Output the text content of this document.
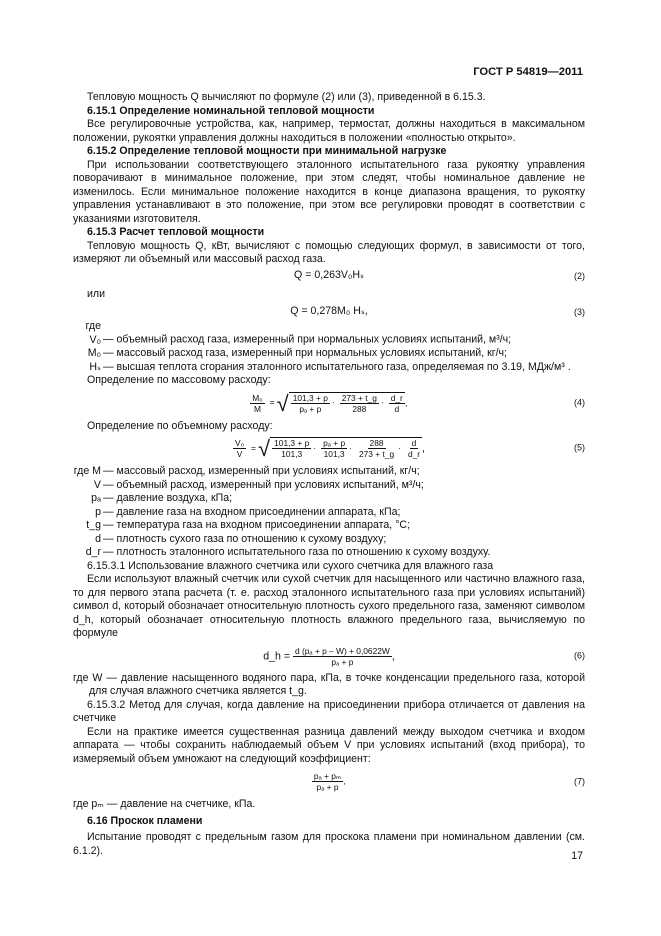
ГОСТ Р 54819—2011

Тепловую мощность Q вычисляют по формуле (2) или (3), приведенной в 6.15.3.

6.15.1 Определение номинальной тепловой мощности

Все регулировочные устройства, как, например, термостат, должны находиться в максимальном положении, рукоятки управления должны находиться в положении «полностью открыто».

6.15.2 Определение тепловой мощности при минимальной нагрузке

При использовании соответствующего эталонного испытательного газа рукоятку управления поворачивают в минимальное положение, при этом следят, чтобы номинальное давление не изменилось. Если минимальное положение находится в конце диапазона вращения, то рукоятку управления устанавливают в это положение, при этом все регулировки проводят в соответствии с указаниями изготовителя.

6.15.3 Расчет тепловой мощности

Тепловую мощность Q, кВт, вычисляют с помощью следующих формул, в зависимости от того, измеряют ли объемный или массовый расход газа.

Q = 0,263V₀Hₛ	(2)

или

Q = 0,278M₀ Hₛ,	(3)

где V₀ — объемный расход газа, измеренный при нормальных условиях испытаний, м³/ч;

M₀ — массовый расход газа, измеренный при нормальных условиях испытаний, кг/ч;

Hₛ — высшая теплота сгорания эталонного испытательного газа, определяемая по 3.19, МДж/м³ .

Определение по массовому расходу:

$\frac{\text{M₀}}{M}$ =√ $\frac{101,3 + p}{\text{pₐ + p}} \cdot \frac{273 + t\_g}{288} \cdot \frac{d\_r}{d}$ .	(4)

Определение по объемному расходу:

$\frac{\text{V₀}}{V}$ =√ $\frac{101,3 + p}{101,3} \cdot \frac{\text{pₐ + p}}{101,3} \cdot \frac{288}{273 + t\_g} \cdot \frac{d}{d\_r}$ ,	(5)

где M — массовый расход, измеренный при условиях испытаний, кг/ч;

V — объемный расход, измеренный при условиях испытаний, м³/ч;

pₐ — давление воздуха, кПа;

p — давление газа на входном присоединении аппарата, кПа;

t_g — температура газа на входном присоединении аппарата, °С;

d — плотность сухого газа по отношению к сухому воздуху;

d_r — плотность эталонного испытательного газа по отношению к сухому воздуху.

6.15.3.1 Использование влажного счетчика или сухого счетчика для влажного газа

Если используют влажный счетчик или сухой счетчик для насыщенного или частично влажного газа, то для первого этапа расчета (т. е. расход эталонного испытательного газа при условиях испытаний) символ d, который обозначает относительную плотность сухого предельного газа, заменяют символом d_h, который обозначает относительную плотность влажного предельного газа, вычисляемую по формуле

d_h = $\frac{\text{d (pₐ + p – W) + 0,0622W}}{\text{pₐ + p}}$ ,	(6)

где W — давление насыщенного водяного пара, кПа, в точке конденсации предельного газа, которой для случая влажного счетчика является t_g.

6.15.3.2 Метод для случая, когда давление на присоединении прибора отличается от давления на счетчике

Если на практике имеется существенная разница давлений между выходом счетчика и входом аппарата — чтобы сохранить наблюдаемый объем V при условиях испытаний (вход прибора), то измеряемый объем умножают на следующий коэффициент:

$\frac{\text{pₐ + pₘ}}{\text{pₐ + p}}$ .	(7)

где pₘ — давление на счетчике, кПа.

6.16 Проскок пламени

Испытание проводят с предельным газом для проскока пламени при номинальном давлении (см. 6.1.2).	17
